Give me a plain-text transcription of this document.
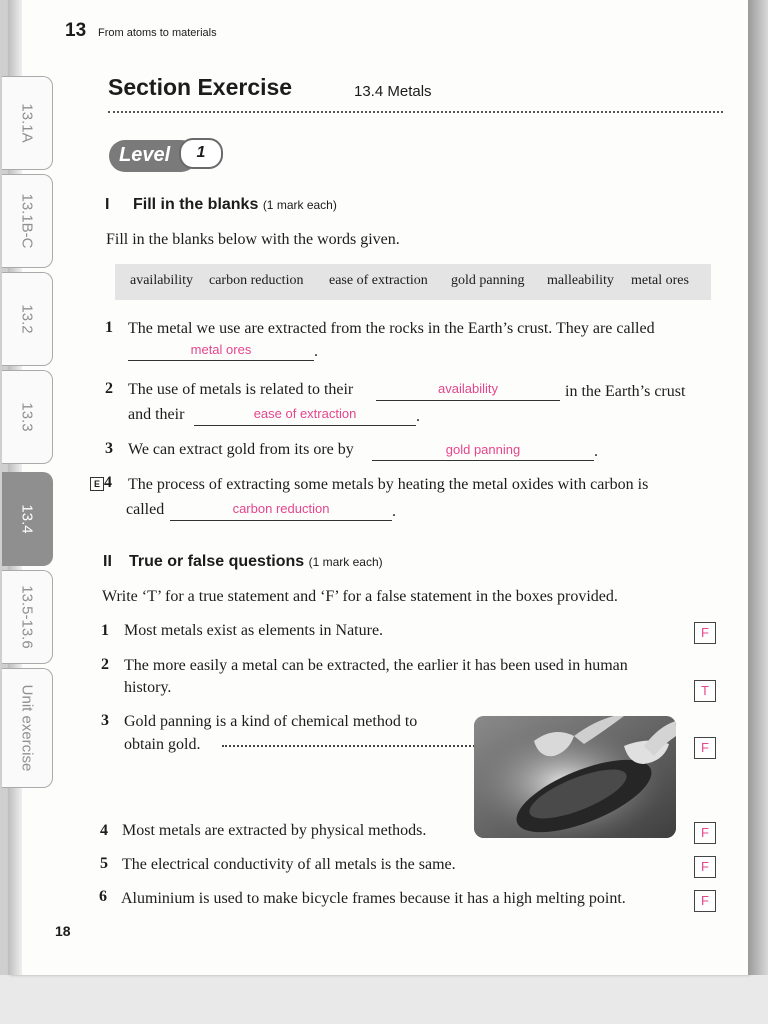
13.1A
13.1B-C
13.2
13.3
13.4
13.5-13.6
Unit exercise
13 From atoms to materials
Section Exercise	13.4 Metals
Level	1
I Fill in the blanks (1 mark each)
Fill in the blanks below with the words given.
availability carbon reduction ease of extraction gold panning malleability metal ores
1 The metal we use are extracted from the rocks in the Earth’s crust. They are called
metal ores	.
2 The use of metals is related to their	availability	in the Earth’s crust
and their	ease of extraction	.
3 We can extract gold from its ore by	gold panning	.
E 4 The process of extracting some metals by heating the metal oxides with carbon is
called	carbon reduction	.
II True or false questions (1 mark each)
Write ‘T’ for a true statement and ‘F’ for a false statement in the boxes provided.
1 Most metals exist as elements in Nature.	F
2 The more easily a metal can be extracted, the earlier it has been used in human
history.	T
3 Gold panning is a kind of chemical method to
obtain gold.	F
4 Most metals are extracted by physical methods.	F
5 The electrical conductivity of all metals is the same.	F
6 Aluminium is used to make bicycle frames because it has a high melting point.	F
18
